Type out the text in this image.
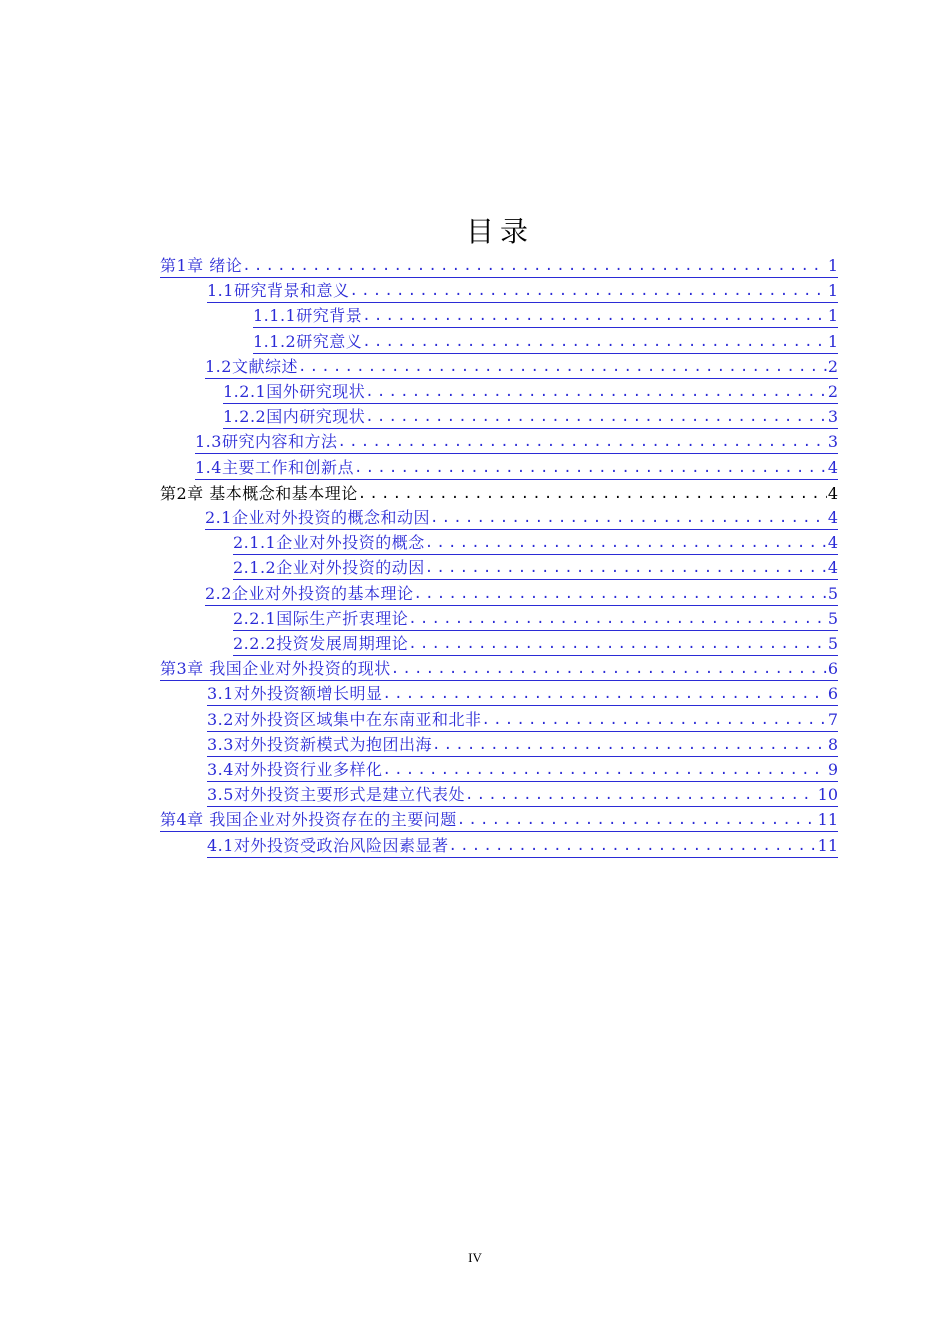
目录
第1章 绪论 .....	1
1.1研究背景和意义 .....	1
1.1.1研究背景 .....	1
1.1.2研究意义 .....	1
1.2文献综述 .....	2
1.2.1国外研究现状 .....	2
1.2.2国内研究现状 .....	3
1.3研究内容和方法 .....	3
1.4主要工作和创新点 .....	4
第2章 基本概念和基本理论 .....	4
2.1企业对外投资的概念和动因 .....	4
2.1.1企业对外投资的概念 .....	4
2.1.2企业对外投资的动因 .....	4
2.2企业对外投资的基本理论 .....	5
2.2.1国际生产折衷理论 .....	5
2.2.2投资发展周期理论 .....	5
第3章 我国企业对外投资的现状 .....	6
3.1对外投资额增长明显 .....	6
3.2对外投资区域集中在东南亚和北非 .....	7
3.3对外投资新模式为抱团出海 .....	8
3.4对外投资行业多样化 .....	9
3.5对外投资主要形式是建立代表处 .....	10
第4章 我国企业对外投资存在的主要问题 .....	11
4.1对外投资受政治风险因素显著 .....	11
IV
